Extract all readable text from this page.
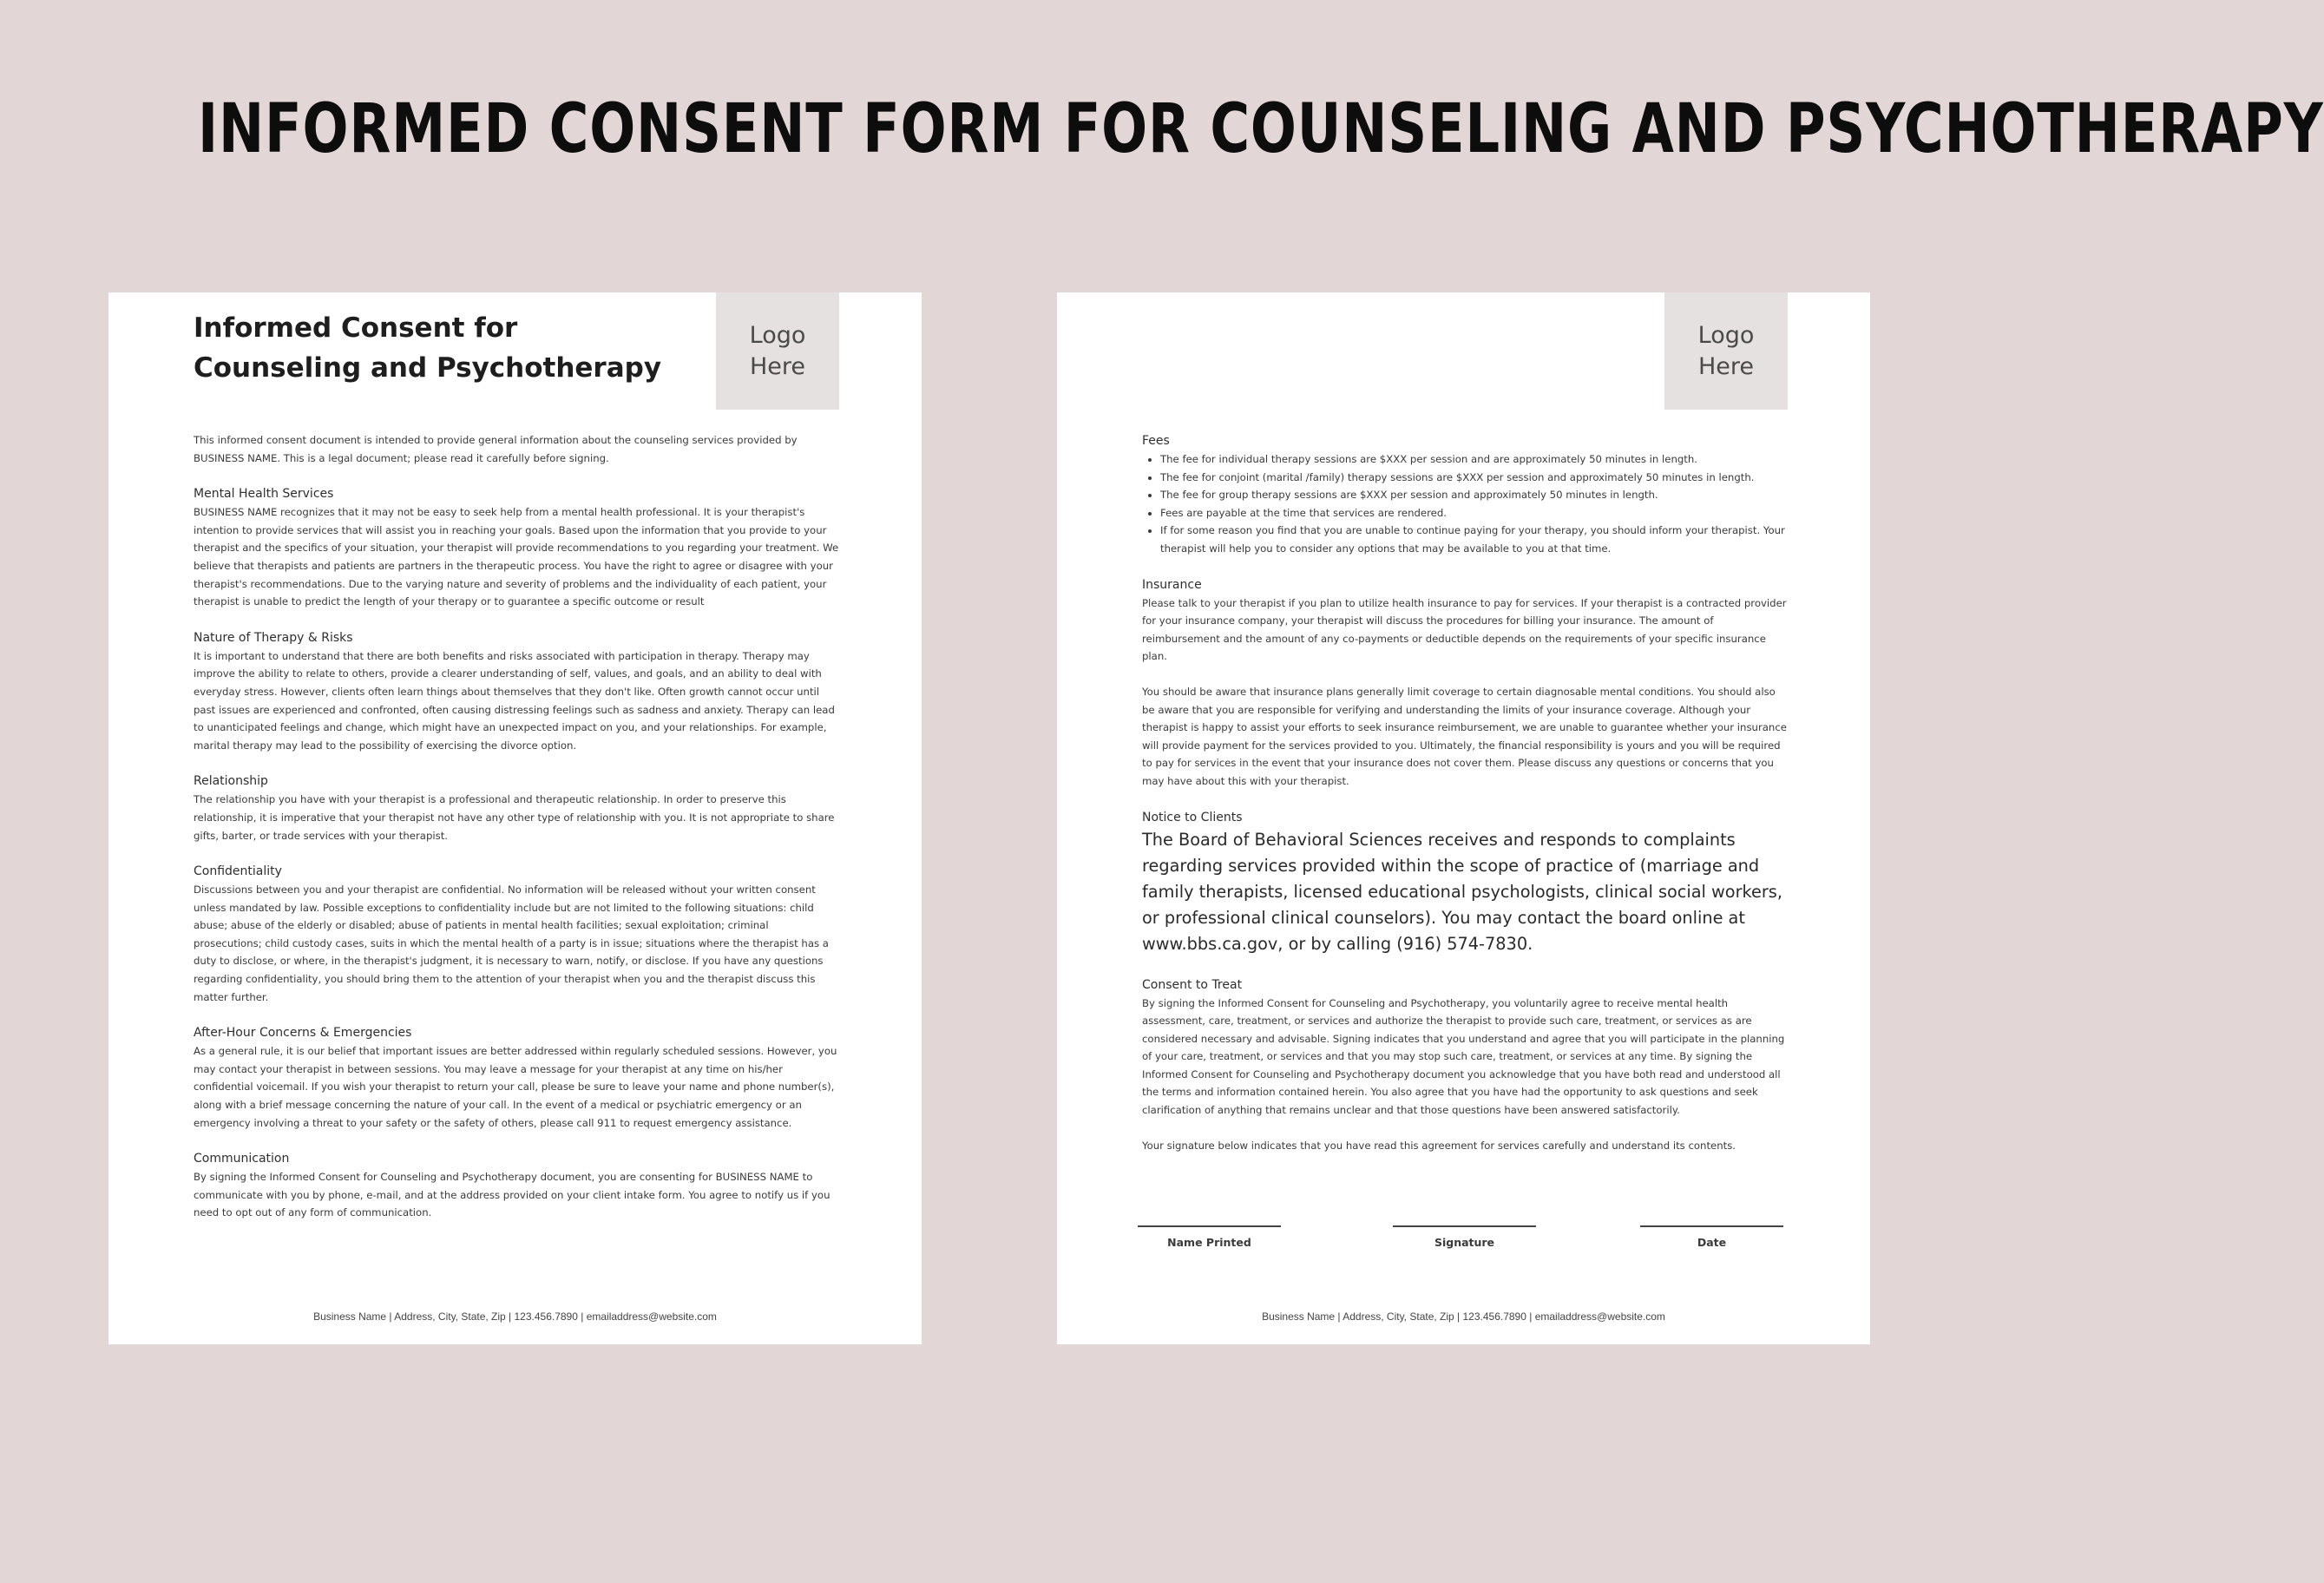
INFORMED CONSENT FORM FOR COUNSELING AND PSYCHOTHERAPY
Informed Consent for
Counseling and Psychotherapy
Logo
Here

This informed consent document is intended to provide general information about the counseling services provided by BUSINESS NAME. This is a legal document; please read it carefully before signing.

Mental Health Services

BUSINESS NAME recognizes that it may not be easy to seek help from a mental health professional. It is your therapist's intention to provide services that will assist you in reaching your goals. Based upon the information that you provide to your therapist and the specifics of your situation, your therapist will provide recommendations to you regarding your treatment. We believe that therapists and patients are partners in the therapeutic process. You have the right to agree or disagree with your therapist's recommendations. Due to the varying nature and severity of problems and the individuality of each patient, your therapist is unable to predict the length of your therapy or to guarantee a specific outcome or result

Nature of Therapy & Risks

It is important to understand that there are both benefits and risks associated with participation in therapy. Therapy may improve the ability to relate to others, provide a clearer understanding of self, values, and goals, and an ability to deal with everyday stress. However, clients often learn things about themselves that they don't like. Often growth cannot occur until past issues are experienced and confronted, often causing distressing feelings such as sadness and anxiety. Therapy can lead to unanticipated feelings and change, which might have an unexpected impact on you, and your relationships. For example, marital therapy may lead to the possibility of exercising the divorce option.

Relationship

The relationship you have with your therapist is a professional and therapeutic relationship. In order to preserve this relationship, it is imperative that your therapist not have any other type of relationship with you. It is not appropriate to share gifts, barter, or trade services with your therapist.

Confidentiality

Discussions between you and your therapist are confidential. No information will be released without your written consent unless mandated by law. Possible exceptions to confidentiality include but are not limited to the following situations: child abuse; abuse of the elderly or disabled; abuse of patients in mental health facilities; sexual exploitation; criminal prosecutions; child custody cases, suits in which the mental health of a party is in issue; situations where the therapist has a duty to disclose, or where, in the therapist's judgment, it is necessary to warn, notify, or disclose. If you have any questions regarding confidentiality, you should bring them to the attention of your therapist when you and the therapist discuss this matter further.

After-Hour Concerns & Emergencies

As a general rule, it is our belief that important issues are better addressed within regularly scheduled sessions. However, you may contact your therapist in between sessions. You may leave a message for your therapist at any time on his/her confidential voicemail. If you wish your therapist to return your call, please be sure to leave your name and phone number(s), along with a brief message concerning the nature of your call. In the event of a medical or psychiatric emergency or an emergency involving a threat to your safety or the safety of others, please call 911 to request emergency assistance.

Communication

By signing the Informed Consent for Counseling and Psychotherapy document, you are consenting for BUSINESS NAME to communicate with you by phone, e-mail, and at the address provided on your client intake form. You agree to notify us if you need to opt out of any form of communication.

Business Name | Address, City, State, Zip | 123.456.7890 | emailaddress@website.com
Logo
Here

Fees

• The fee for individual therapy sessions are $XXX per session and are approximately 50 minutes in length.
• The fee for conjoint (marital /family) therapy sessions are $XXX per session and approximately 50 minutes in length.
• The fee for group therapy sessions are $XXX per session and approximately 50 minutes in length.
• Fees are payable at the time that services are rendered.
• If for some reason you find that you are unable to continue paying for your therapy, you should inform your therapist. Your therapist will help you to consider any options that may be available to you at that time.

Insurance

Please talk to your therapist if you plan to utilize health insurance to pay for services. If your therapist is a contracted provider for your insurance company, your therapist will discuss the procedures for billing your insurance. The amount of reimbursement and the amount of any co-payments or deductible depends on the requirements of your specific insurance plan.

You should be aware that insurance plans generally limit coverage to certain diagnosable mental conditions. You should also be aware that you are responsible for verifying and understanding the limits of your insurance coverage. Although your therapist is happy to assist your efforts to seek insurance reimbursement, we are unable to guarantee whether your insurance will provide payment for the services provided to you. Ultimately, the financial responsibility is yours and you will be required to pay for services in the event that your insurance does not cover them. Please discuss any questions or concerns that you may have about this with your therapist.

Notice to Clients

The Board of Behavioral Sciences receives and responds to complaints regarding services provided within the scope of practice of (marriage and family therapists, licensed educational psychologists, clinical social workers, or professional clinical counselors). You may contact the board online at www.bbs.ca.gov, or by calling (916) 574-7830.

Consent to Treat

By signing the Informed Consent for Counseling and Psychotherapy, you voluntarily agree to receive mental health assessment, care, treatment, or services and authorize the therapist to provide such care, treatment, or services as are considered necessary and advisable. Signing indicates that you understand and agree that you will participate in the planning of your care, treatment, or services and that you may stop such care, treatment, or services at any time. By signing the Informed Consent for Counseling and Psychotherapy document you acknowledge that you have both read and understood all the terms and information contained herein. You also agree that you have had the opportunity to ask questions and seek clarification of anything that remains unclear and that those questions have been answered satisfactorily.

Your signature below indicates that you have read this agreement for services carefully and understand its contents.

Name Printed	Signature	Date
Business Name | Address, City, State, Zip | 123.456.7890 | emailaddress@website.com
